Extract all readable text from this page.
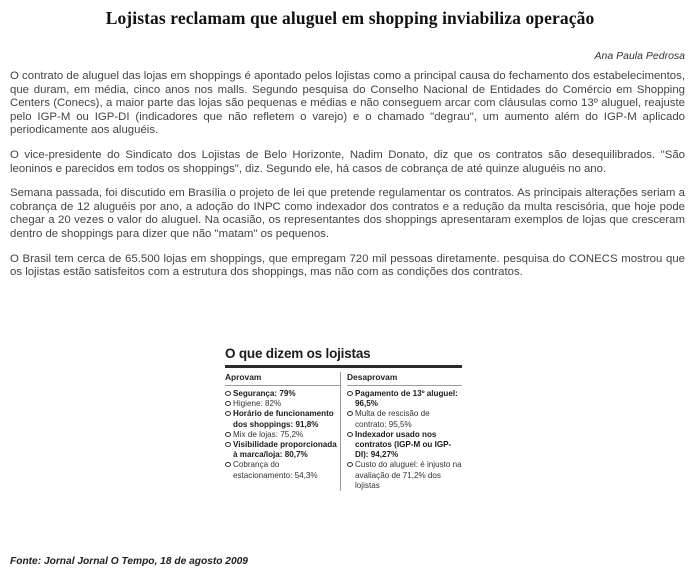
Lojistas reclamam que aluguel em shopping inviabiliza operação
Ana Paula Pedrosa

O contrato de aluguel das lojas em shoppings é apontado pelos lojistas como a principal causa do fechamento dos estabelecimentos, que duram, em média, cinco anos nos malls. Segundo pesquisa do Conselho Nacional de Entidades do Comércio em Shopping Centers (Conecs), a maior parte das lojas são pequenas e médias e não conseguem arcar com cláusulas como 13º aluguel, reajuste pelo IGP-M ou IGP-DI (indicadores que não refletem o varejo) e o chamado "degrau", um aumento além do IGP-M aplicado periodicamente aos aluguéis.

O vice-presidente do Sindicato dos Lojistas de Belo Horizonte, Nadim Donato, diz que os contratos são desequilibrados. "São leoninos e parecidos em todos os shoppings", diz. Segundo ele, há casos de cobrança de até quinze aluguéis no ano.

Semana passada, foi discutido em Brasília o projeto de lei que pretende regulamentar os contratos. As principais alterações seriam a cobrança de 12 aluguéis por ano, a adoção do INPC como indexador dos contratos e a redução da multa rescisória, que hoje pode chegar a 20 vezes o valor do aluguel. Na ocasião, os representantes dos shoppings apresentaram exemplos de lojas que cresceram dentro de shoppings para dizer que não "matam" os pequenos.

O Brasil tem cerca de 65.500 lojas em shoppings, que empregam 720 mil pessoas diretamente. pesquisa do CONECS mostrou que os lojistas estão satisfeitos com a estrutura dos shoppings, mas não com as condições dos contratos.

O que dizem os lojistas
Aprovam
Segurança: 79%
Higiene: 82%
Horário de funcionamento dos shoppings: 91,8%
Mix de lojas: 75,2%
Visibilidade proporcionada à marca/loja: 80,7%
Cobrança do estacionamento: 54,3%
Desaprovam
Pagamento de 13º aluguel: 96,5%
Multa de rescisão de contrato: 95,5%
Indexador usado nos contratos (IGP-M ou IGP-DI): 94,27%
Custo do aluguel: é injusto na avaliação de 71,2% dos lojistas
Fonte: Jornal Jornal O Tempo, 18 de agosto 2009
